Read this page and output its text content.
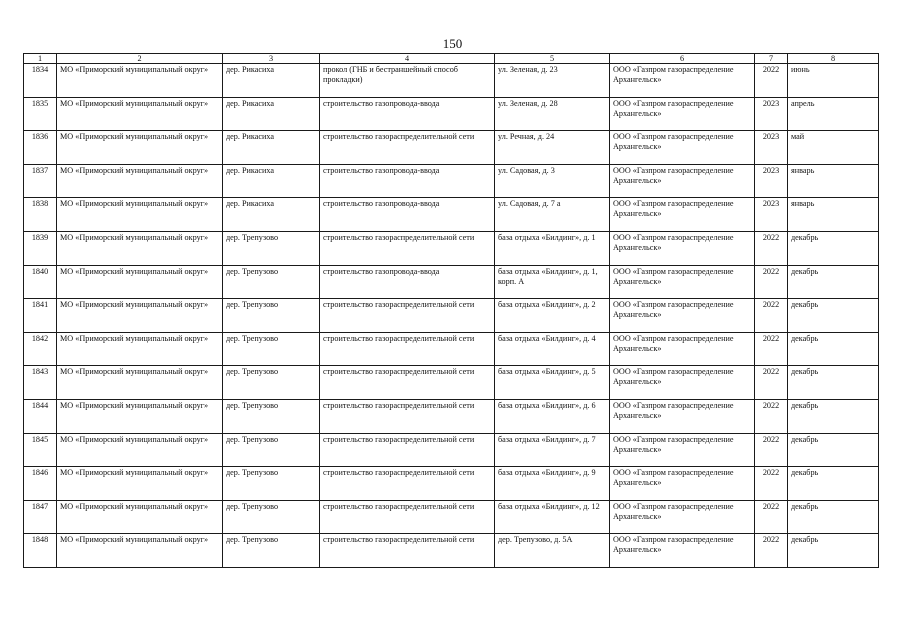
150
1	2	3	4	5	6	7	8
1834	МО «Приморский муниципальный округ»	дер. Рикасиха	прокол (ГНБ и бестраншейный способ прокладки)	ул. Зеленая, д. 23	ООО «Газпром газораспределение Архангельск»	2022	июнь
1835	МО «Приморский муниципальный округ»	дер. Рикасиха	строительство газопровода-ввода	ул. Зеленая, д. 28	ООО «Газпром газораспределение Архангельск»	2023	апрель
1836	МО «Приморский муниципальный округ»	дер. Рикасиха	строительство газораспределительной сети	ул. Речная, д. 24	ООО «Газпром газораспределение Архангельск»	2023	май
1837	МО «Приморский муниципальный округ»	дер. Рикасиха	строительство газопровода-ввода	ул. Садовая, д. 3	ООО «Газпром газораспределение Архангельск»	2023	январь
1838	МО «Приморский муниципальный округ»	дер. Рикасиха	строительство газопровода-ввода	ул. Садовая, д. 7 а	ООО «Газпром газораспределение Архангельск»	2023	январь
1839	МО «Приморский муниципальный округ»	дер. Трепузово	строительство газораспределительной сети	база отдыха «Билдинг», д. 1	ООО «Газпром газораспределение Архангельск»	2022	декабрь
1840	МО «Приморский муниципальный округ»	дер. Трепузово	строительство газопровода-ввода	база отдыха «Билдинг», д. 1, корп. А	ООО «Газпром газораспределение Архангельск»	2022	декабрь
1841	МО «Приморский муниципальный округ»	дер. Трепузово	строительство газораспределительной сети	база отдыха «Билдинг», д. 2	ООО «Газпром газораспределение Архангельск»	2022	декабрь
1842	МО «Приморский муниципальный округ»	дер. Трепузово	строительство газораспределительной сети	база отдыха «Билдинг», д. 4	ООО «Газпром газораспределение Архангельск»	2022	декабрь
1843	МО «Приморский муниципальный округ»	дер. Трепузово	строительство газораспределительной сети	база отдыха «Билдинг», д. 5	ООО «Газпром газораспределение Архангельск»	2022	декабрь
1844	МО «Приморский муниципальный округ»	дер. Трепузово	строительство газораспределительной сети	база отдыха «Билдинг», д. 6	ООО «Газпром газораспределение Архангельск»	2022	декабрь
1845	МО «Приморский муниципальный округ»	дер. Трепузово	строительство газораспределительной сети	база отдыха «Билдинг», д. 7	ООО «Газпром газораспределение Архангельск»	2022	декабрь
1846	МО «Приморский муниципальный округ»	дер. Трепузово	строительство газораспределительной сети	база отдыха «Билдинг», д. 9	ООО «Газпром газораспределение Архангельск»	2022	декабрь
1847	МО «Приморский муниципальный округ»	дер. Трепузово	строительство газораспределительной сети	база отдыха «Билдинг», д. 12	ООО «Газпром газораспределение Архангельск»	2022	декабрь
1848	МО «Приморский муниципальный округ»	дер. Трепузово	строительство газораспределительной сети	дер. Трепузово, д. 5А	ООО «Газпром газораспределение Архангельск»	2022	декабрь
